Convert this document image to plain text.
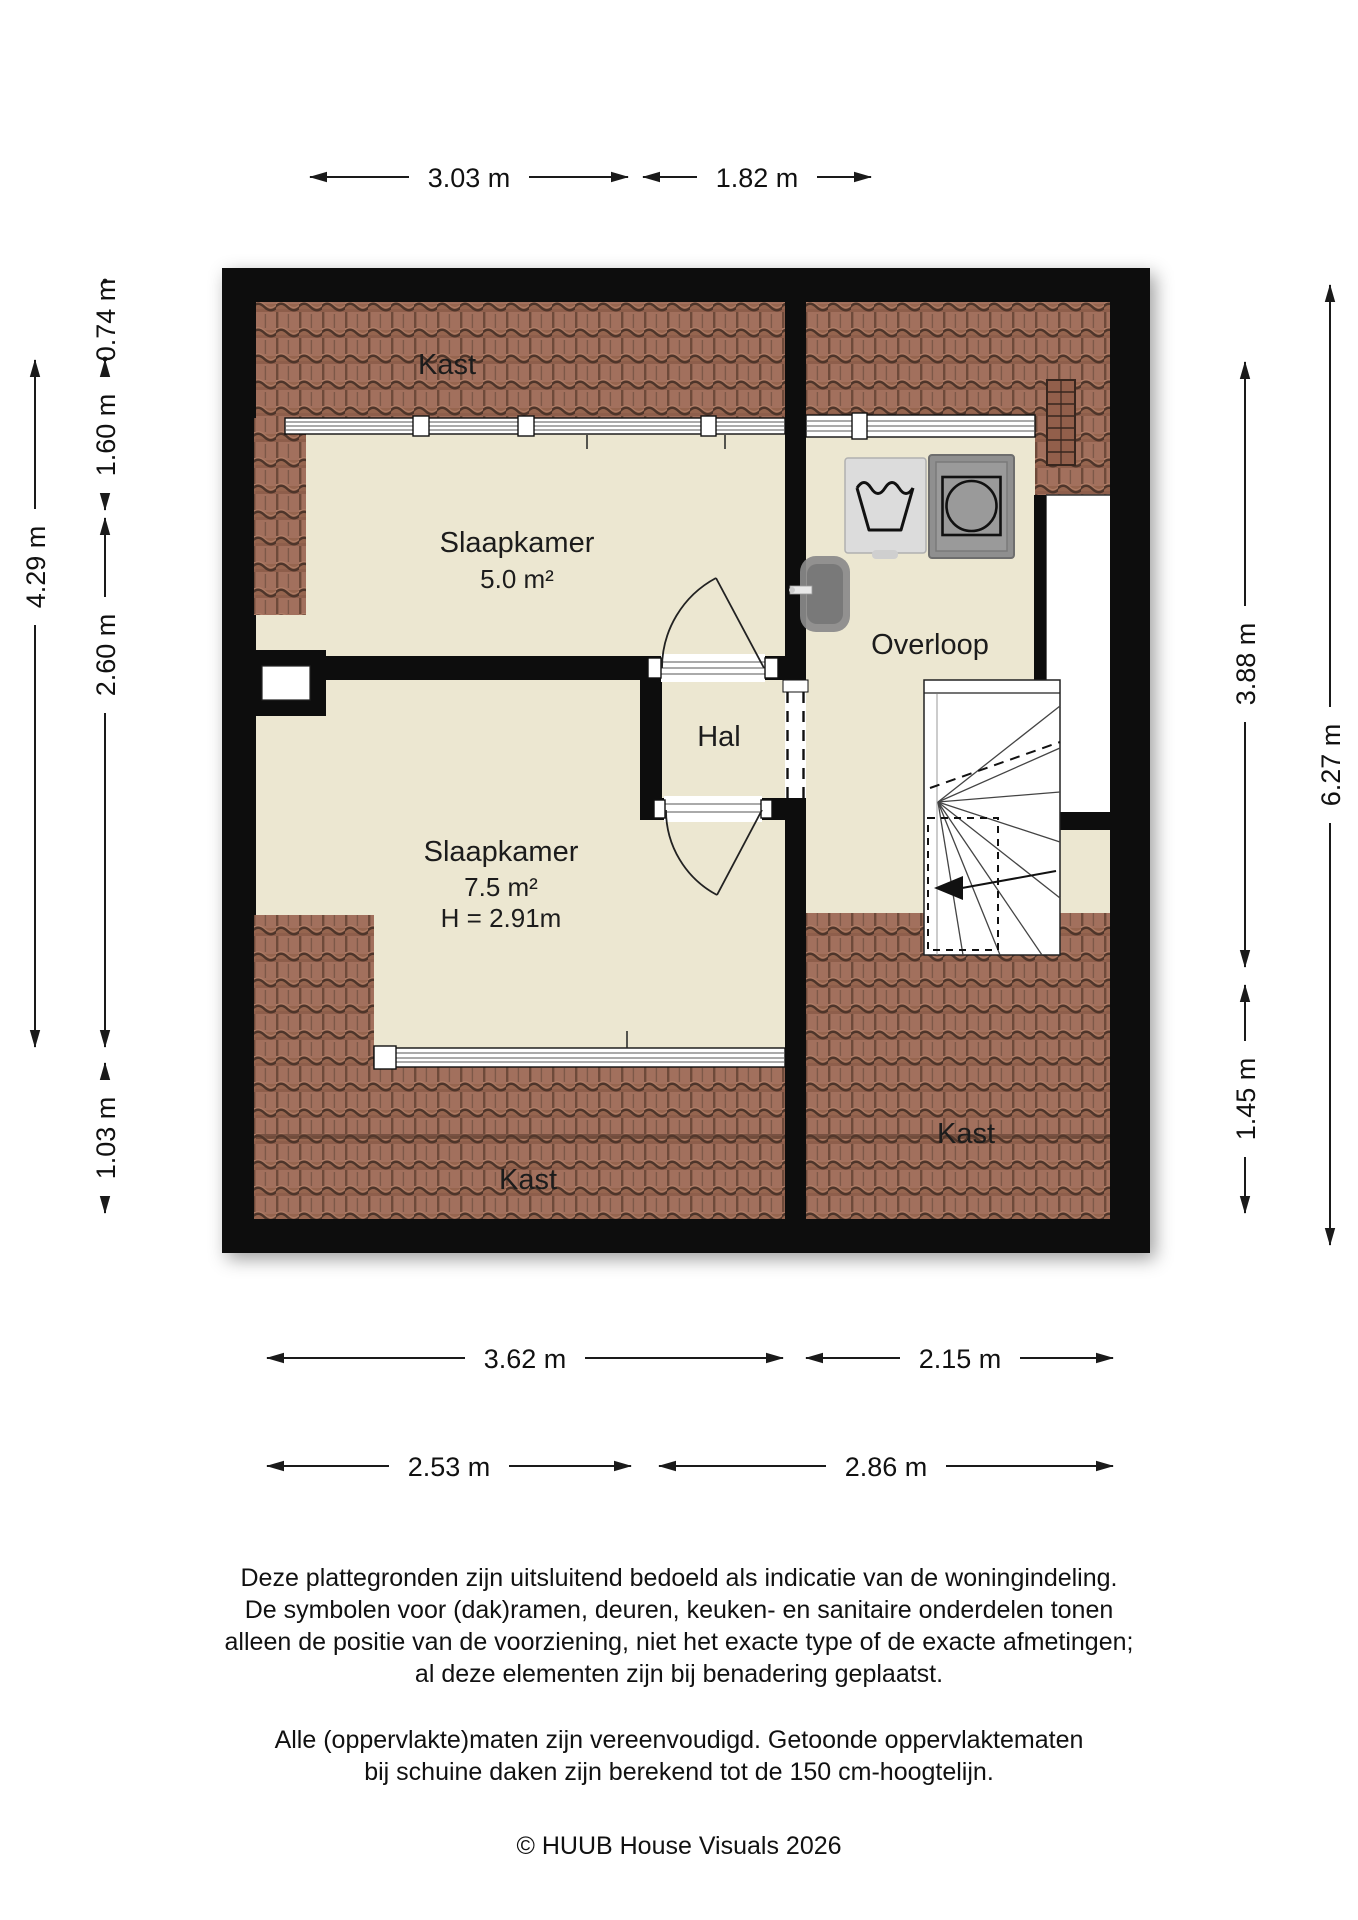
Kast
Slaapkamer
5.0 m²
Overloop
Hal
Slaapkamer
7.5 m²
H = 2.91m
Kast
Kast
3.03 m	1.82 m
0.74 m
1.60 m
2.60 m
1.03 m
4.29 m
3.88 m
1.45 m
6.27 m
3.62 m	2.15 m
2.53 m	2.86 m
Deze plattegronden zijn uitsluitend bedoeld als indicatie van de woningindeling.
De symbolen voor (dak)ramen, deuren, keuken- en sanitaire onderdelen tonen
alleen de positie van de voorziening, niet het exacte type of de exacte afmetingen;
al deze elementen zijn bij benadering geplaatst.
Alle (oppervlakte)maten zijn vereenvoudigd. Getoonde oppervlaktematen
bij schuine daken zijn berekend tot de 150 cm-hoogtelijn.
© HUUB House Visuals 2026
